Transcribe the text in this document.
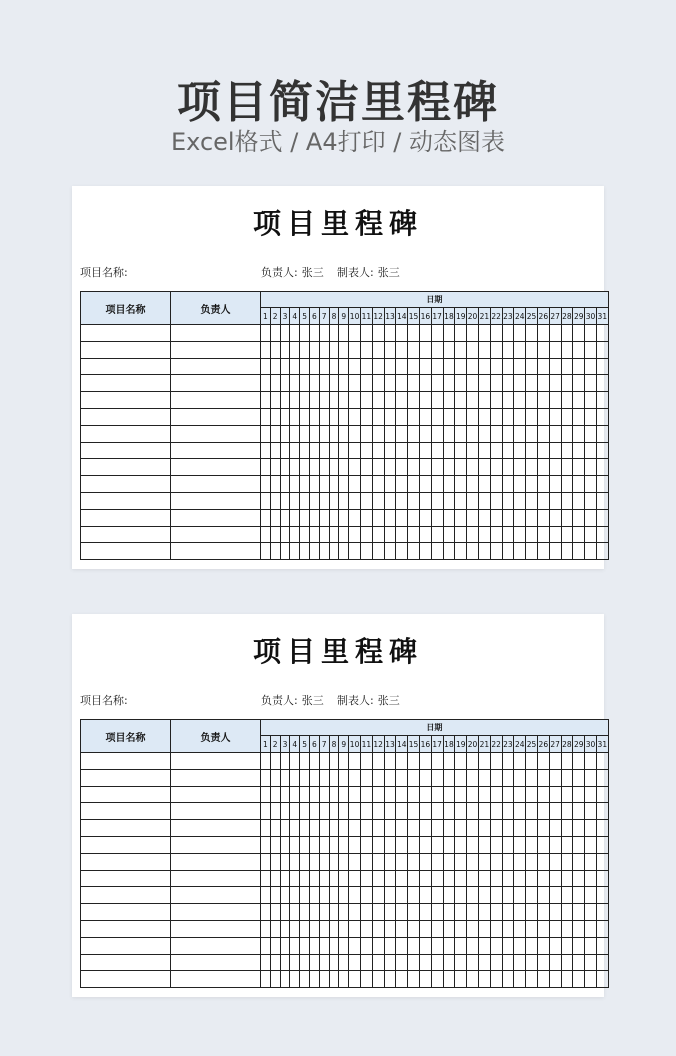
项目简洁里程碑
Excel格式 / A4打印 / 动态图表
项目里程碑
项目名称:	负责人: 张三 制表人: 张三
项目名称	负责人	日期																														
		1	2	3	4	5	6	7	8	9	10	11	12	13	14	15	16	17	18	19	20	21	22	23	24	25	26	27	28	29	30	31

项目里程碑
项目名称:	负责人: 张三 制表人: 张三
项目名称	负责人	日期																														
		1	2	3	4	5	6	7	8	9	10	11	12	13	14	15	16	17	18	19	20	21	22	23	24	25	26	27	28	29	30	31
